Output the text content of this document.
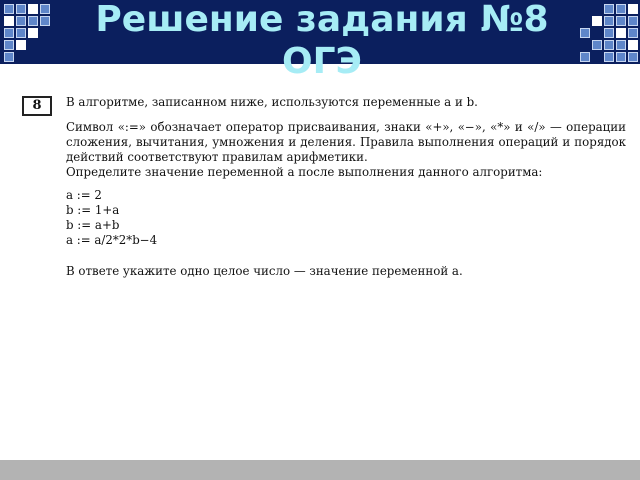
Решение задания №8
ОГЭ
8	В алгоритме, записанном ниже, используются переменные a и b.
Символ «:=» обозначает оператор присваивания, знаки «+», «−», «*» и «/» — операции сложения, вычитания, умножения и деления. Правила выполнения операций и порядок действий соответствуют правилам арифметики.
Определите значение переменной a после выполнения данного алгоритма:
a := 2
b := 1+a
b := a+b
a := a/2*2*b−4
В ответе укажите одно целое число — значение переменной a.
